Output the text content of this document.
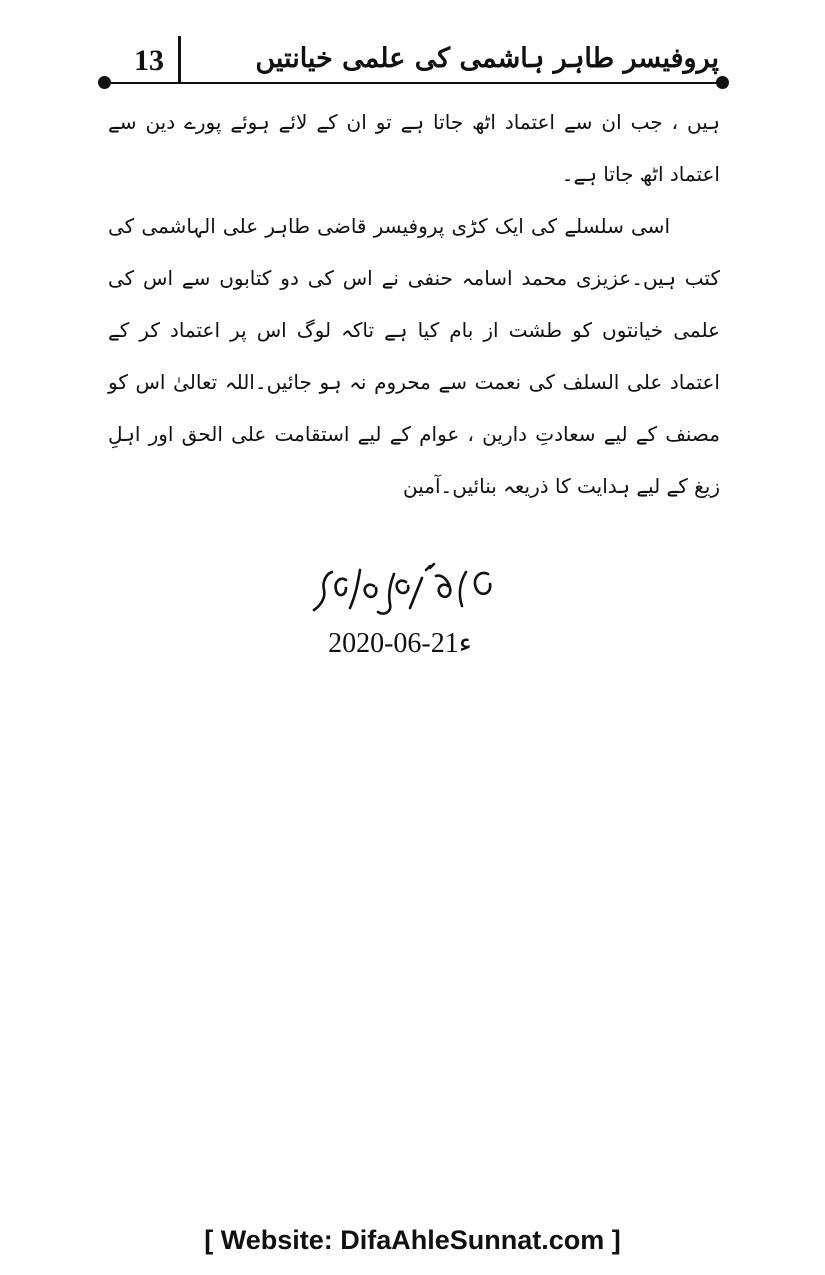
13	پروفیسر طاہر ہاشمی کی علمی خیانتیں

ہیں ، جب ان سے اعتماد اٹھ جاتا ہے تو ان کے لائے ہوئے پورے دین سے اعتماد اٹھ جاتا ہے۔

اسی سلسلے کی ایک کڑی پروفیسر قاضی طاہر علی الہاشمی کی کتب ہیں۔عزیزی محمد اسامہ حنفی نے اس کی دو کتابوں سے اس کی علمی خیانتوں کو طشت از بام کیا ہے تاکہ لوگ اس پر اعتماد کر کے اعتماد علی السلف کی نعمت سے محروم نہ ہو جائیں۔اللہ تعالیٰ اس کو مصنف کے لیے سعادتِ دارین ، عوام کے لیے استقامت علی الحق اور اہلِ زیغ کے لیے ہدایت کا ذریعہ بنائیں۔آمین

2020-06-21ء
[ Website: DifaAhleSunnat.com ]
